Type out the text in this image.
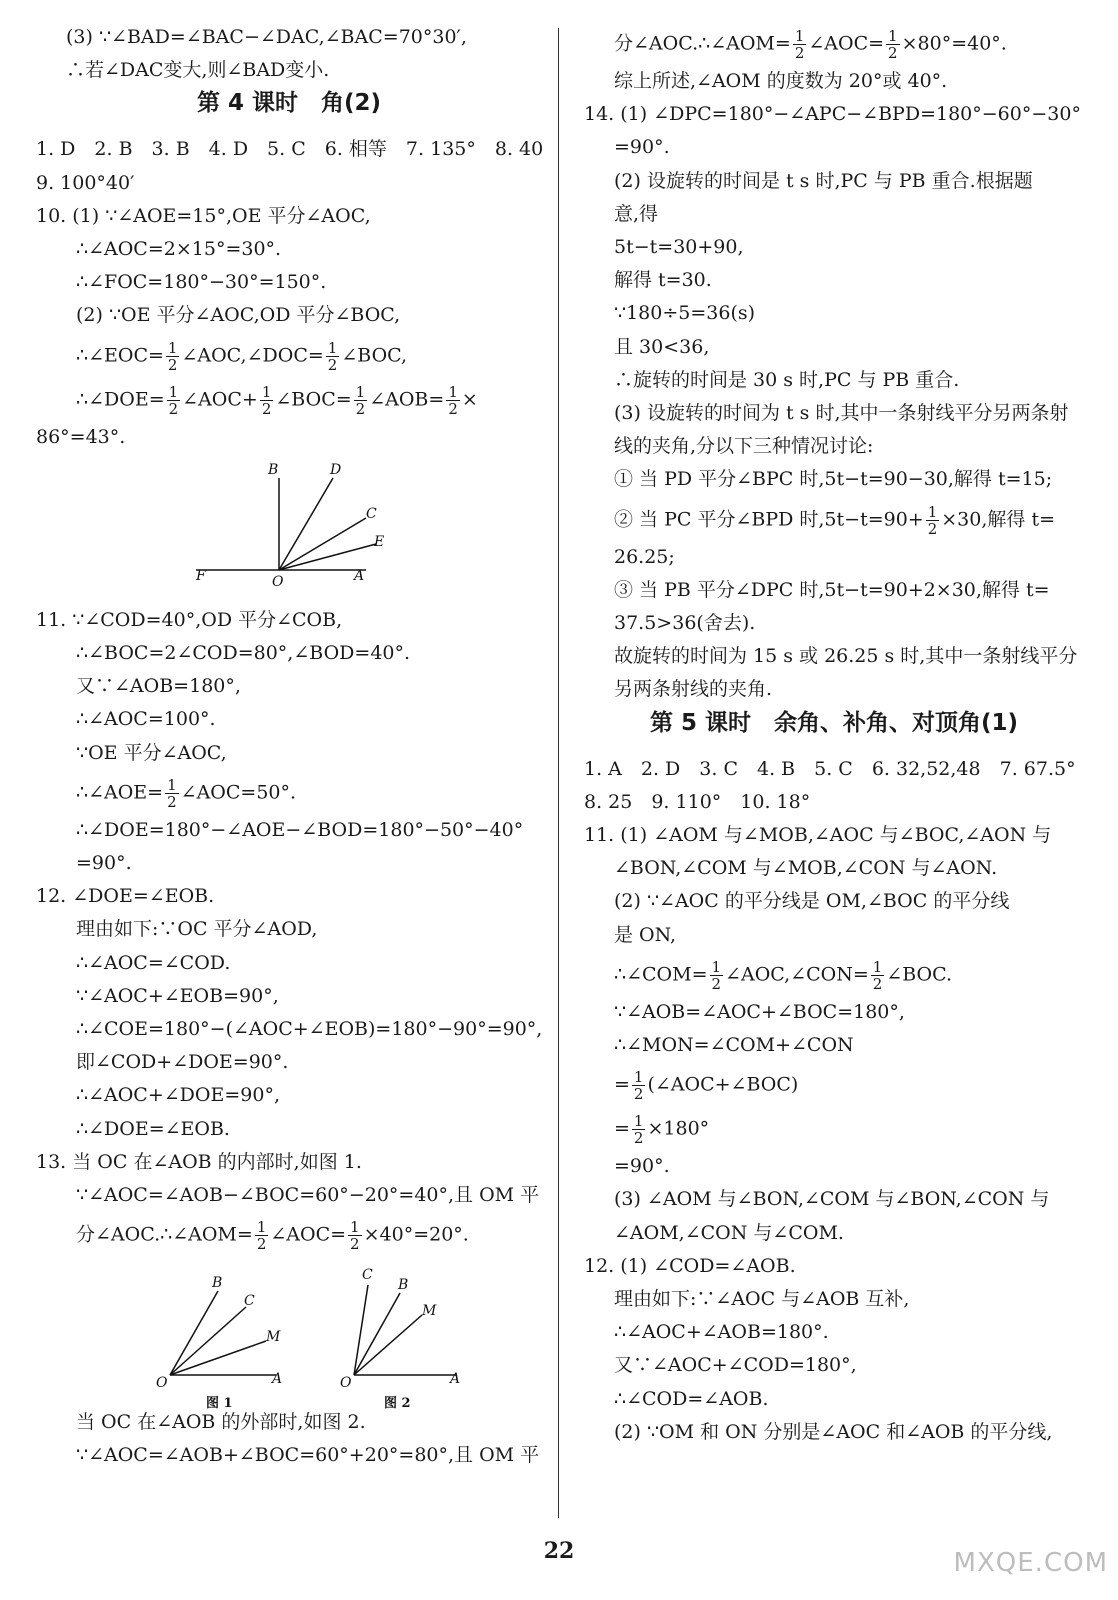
(3) ∵∠BAD=∠BAC−∠DAC,∠BAC=70°30′,
∴若∠DAC变大,则∠BAD变小.
第 4 课时　角(2)
1. D　2. B　3. B　4. D　5. C　6. 相等　7. 135°　8. 40
9. 100°40′
10. (1) ∵∠AOE=15°,OE 平分∠AOC,
∴∠AOC=2×15°=30°.
∴∠FOC=180°−30°=150°.
(2) ∵OE 平分∠AOC,OD 平分∠BOC,
∴∠EOC= $\frac{1}{2}$ ∠AOC,∠DOC= $\frac{1}{2}$ ∠BOC,
∴∠DOE= $\frac{1}{2}$ ∠AOC+ $\frac{1}{2}$ ∠BOC= $\frac{1}{2}$ ∠AOB= $\frac{1}{2}$ ×
86°=43°.
B	D
C
E
F	O	A
11. ∵∠COD=40°,OD 平分∠COB,
∴∠BOC=2∠COD=80°,∠BOD=40°.
又∵∠AOB=180°,
∴∠AOC=100°.
∵OE 平分∠AOC,
∴∠AOE= $\frac{1}{2}$ ∠AOC=50°.
∴∠DOE=180°−∠AOE−∠BOD=180°−50°−40°
=90°.
12. ∠DOE=∠EOB.
理由如下:∵OC 平分∠AOD,
∴∠AOC=∠COD.
∵∠AOC+∠EOB=90°,
∴∠COE=180°−(∠AOC+∠EOB)=180°−90°=90°,
即∠COD+∠DOE=90°.
∴∠AOC+∠DOE=90°,
∴∠DOE=∠EOB.
13. 当 OC 在∠AOB 的内部时,如图 1.
∵∠AOC=∠AOB−∠BOC=60°−20°=40°,且 OM 平
分∠AOC.∴∠AOM= $\frac{1}{2}$ ∠AOC= $\frac{1}{2} \times 40^\circ=20^\circ$.
B
C
M
O	A
图 1
C
B
M
O	A
图 2
当 OC 在∠AOB 的外部时,如图 2.
∵∠AOC=∠AOB+∠BOC=60°+20°=80°,且 OM 平
分∠AOC.∴∠AOM= $\frac{1}{2}$ ∠AOC= $\frac{1}{2} \times 80^\circ=40^\circ$.
综上所述,∠AOM 的度数为 20°或 40°.
14. (1) ∠DPC=180°−∠APC−∠BPD=180°−60°−30°
=90°.
(2) 设旋转的时间是 t s 时,PC 与 PB 重合.根据题
意,得
5t−t=30+90,
解得 t=30.
∵180÷5=36(s)
且 30<36,
∴旋转的时间是 30 s 时,PC 与 PB 重合.
(3) 设旋转的时间为 t s 时,其中一条射线平分另两条射
线的夹角,分以下三种情况讨论:
① 当 PD 平分∠BPC 时,5t−t=90−30,解得 t=15;
② 当 PC 平分∠BPD 时$,5t-t=90+ \frac{1}{2} \times 30$,解得 t=
26.25;
③ 当 PB 平分∠DPC 时,5t−t=90+2×30,解得 t=
37.5>36(舍去).
故旋转的时间为 15 s 或 26.25 s 时,其中一条射线平分
另两条射线的夹角.
第 5 课时　余角、补角、对顶角(1)
1. A　2. D　3. C　4. B　5. C　6. 32,52,48　7. 67.5°
8. 25　9. 110°　10. 18°
11. (1) ∠AOM 与∠MOB,∠AOC 与∠BOC,∠AON 与
∠BON,∠COM 与∠MOB,∠CON 与∠AON.
(2) ∵∠AOC 的平分线是 OM,∠BOC 的平分线
是 ON,
∴∠COM= $\frac{1}{2}$ ∠AOC,∠CON= $\frac{1}{2}$ ∠BOC.
∵∠AOB=∠AOC+∠BOC=180°,
∴∠MON=∠COM+∠CON
= $\frac{1}{2}$ (∠AOC+∠BOC)
= $\frac{1}{2} \times 180^\circ$
=90°.
(3) ∠AOM 与∠BON,∠COM 与∠BON,∠CON 与
∠AOM,∠CON 与∠COM.
12. (1) ∠COD=∠AOB.
理由如下:∵∠AOC 与∠AOB 互补,
∴∠AOC+∠AOB=180°.
又∵∠AOC+∠COD=180°,
∴∠COD=∠AOB.
(2) ∵OM 和 ON 分别是∠AOC 和∠AOB 的平分线,
22	MXQE.COM
